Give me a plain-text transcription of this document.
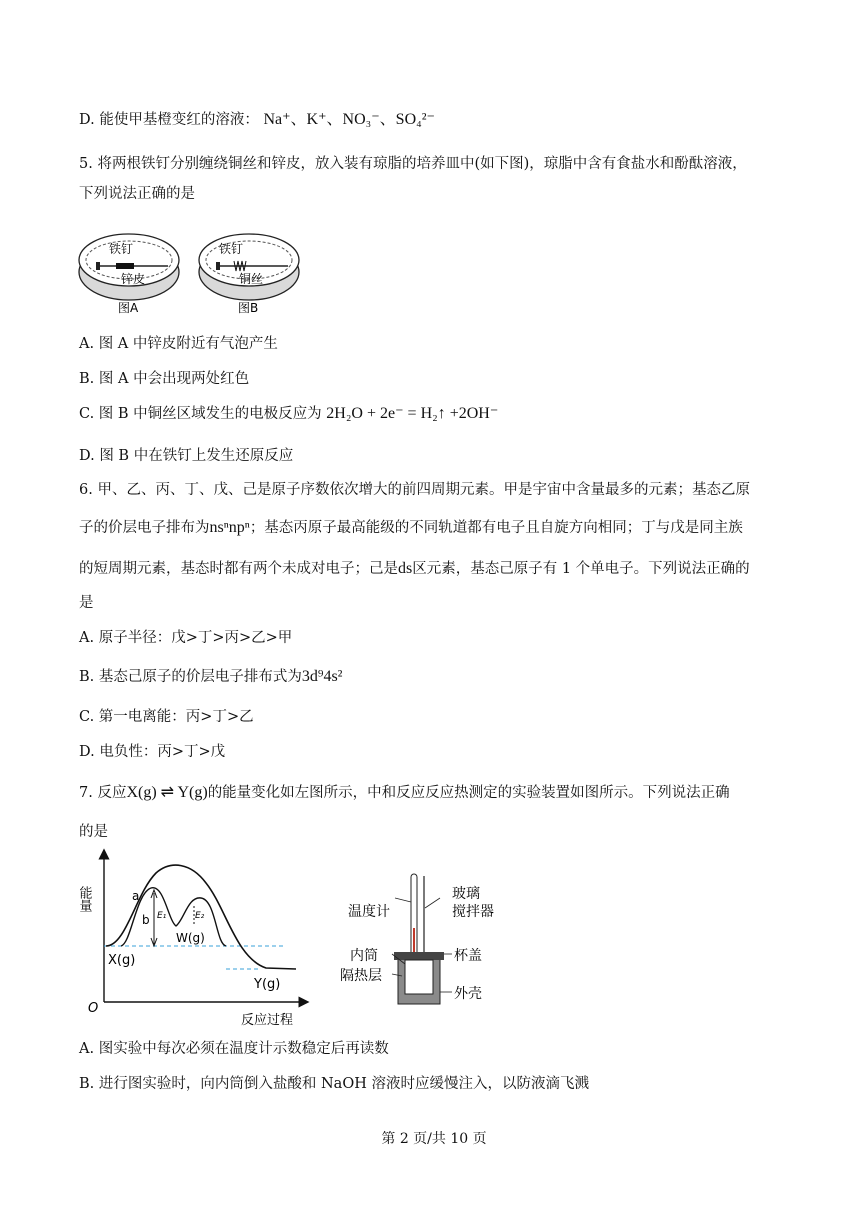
D. 能使甲基橙变红的溶液： Na⁺、K⁺、NO₃⁻、SO₄²⁻
5. 将两根铁钉分别缠绕铜丝和锌皮，放入装有琼脂的培养皿中(如下图)，琼脂中含有食盐水和酚酞溶液，
下列说法正确的是
铁钉
锌皮
图A
铁钉
铜丝
图B
A. 图 A 中锌皮附近有气泡产生
B. 图 A 中会出现两处红色
C. 图 B 中铜丝区域发生的电极反应为 2H₂O + 2e⁻ = H₂↑ +2OH⁻
D. 图 B 中在铁钉上发生还原反应
6. 甲、乙、丙、丁、戊、己是原子序数依次增大的前四周期元素。甲是宇宙中含量最多的元素；基态乙原
子的价层电子排布为nsⁿnpⁿ；基态丙原子最高能级的不同轨道都有电子且自旋方向相同；丁与戊是同主族
的短周期元素，基态时都有两个未成对电子；己是ds区元素，基态己原子有 1 个单电子。下列说法正确的
是
A. 原子半径：戊>丁>丙>乙>甲
B. 基态己原子的价层电子排布式为3d⁹4s²
C. 第一电离能：丙>丁>乙
D. 电负性：丙>丁>戊
7. 反应X(g) ⇌ Y(g)的能量变化如左图所示，中和反应反应热测定的实验装置如图所示。下列说法正确
的是
能量
反应过程
O
a
b E₁	E₂
W(g)
X(g)
Y(g)
温度计
玻璃
搅拌器
杯盖
内筒
隔热层
外壳
A. 图实验中每次必须在温度计示数稳定后再读数
B. 进行图实验时，向内筒倒入盐酸和 NaOH 溶液时应缓慢注入，以防液滴飞溅
第 2 页/共 10 页
